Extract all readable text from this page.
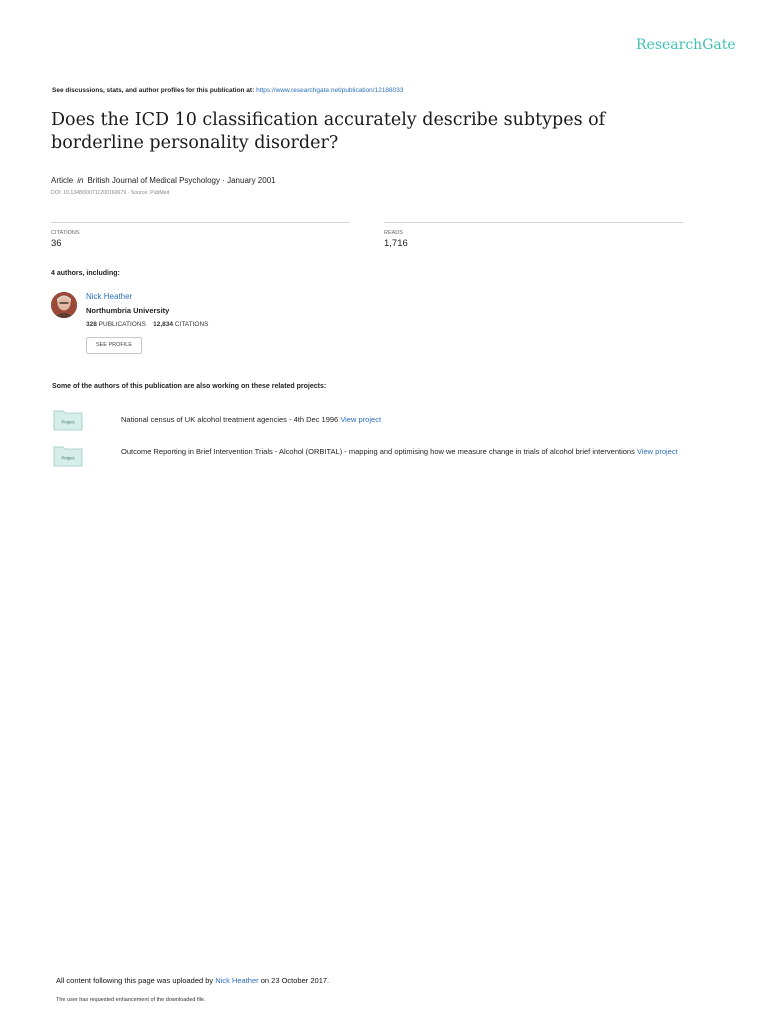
ResearchGate
See discussions, stats, and author profiles for this publication at: https://www.researchgate.net/publication/12188033
Does the ICD 10 classification accurately describe subtypes of borderline personality disorder?
Article in British Journal of Medical Psychology · January 2001
DOI: 10.1348/000711200160679 · Source: PubMed
CITATIONS
36
READS
1,716
4 authors, including:
Nick Heather
Northumbria University
328 PUBLICATIONS 12,834 CITATIONS
SEE PROFILE
Some of the authors of this publication are also working on these related projects:
Project	National census of UK alcohol treatment agencies - 4th Dec 1996 View project
Project
Outcome Reporting in Brief Intervention Trials - Alcohol (ORBITAL) - mapping and optimising how we measure change in trials of alcohol brief interventions View project
All content following this page was uploaded by Nick Heather on 23 October 2017.
The user has requested enhancement of the downloaded file.
